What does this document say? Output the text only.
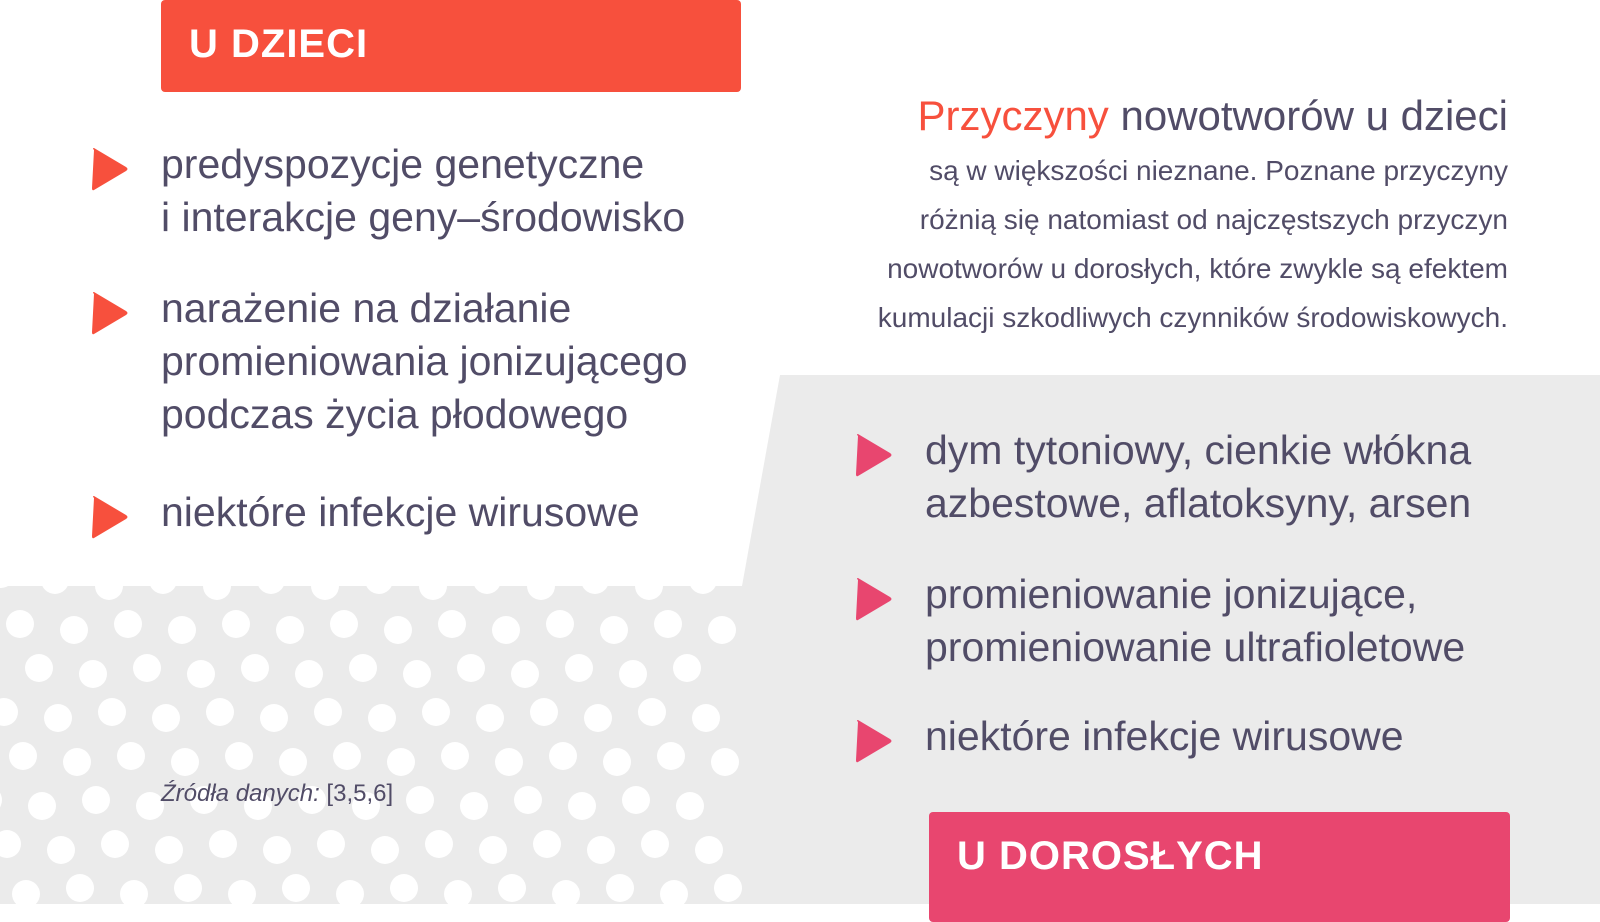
U DZIECI
predyspozycje genetyczne
i interakcje geny–środowisko
narażenie na działanie
promieniowania jonizującego
podczas życia płodowego
niektóre infekcje wirusowe
Przyczyny nowotworów u dzieci
są w większości nieznane. Poznane przyczyny
różnią się natomiast od najczęstszych przyczyn
nowotworów u dorosłych, które zwykle są efektem
kumulacji szkodliwych czynników środowiskowych.
dym tytoniowy, cienkie włókna
azbestowe, aflatoksyny, arsen
promieniowanie jonizujące,
promieniowanie ultrafioletowe
niektóre infekcje wirusowe
Źródła danych: [3,5,6]
U DOROSŁYCH
